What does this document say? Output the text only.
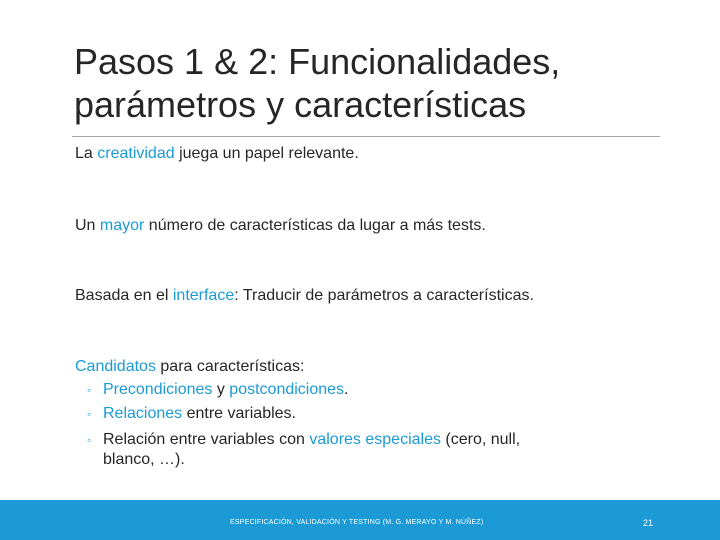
Pasos 1 & 2: Funcionalidades,
parámetros y características

La creatividad juega un papel relevante.

Un mayor número de características da lugar a más tests.

Basada en el interface: Traducir de parámetros a características.

Candidatos para características:

◦ Precondiciones y postcondiciones.

◦ Relaciones entre variables.

◦ Relación entre variables con valores especiales (cero, null,
blanco, …).

ESPECIFICACIÓN, VALIDACIÓN Y TESTING (M. G. MERAYO Y M. NÚÑEZ)	21
